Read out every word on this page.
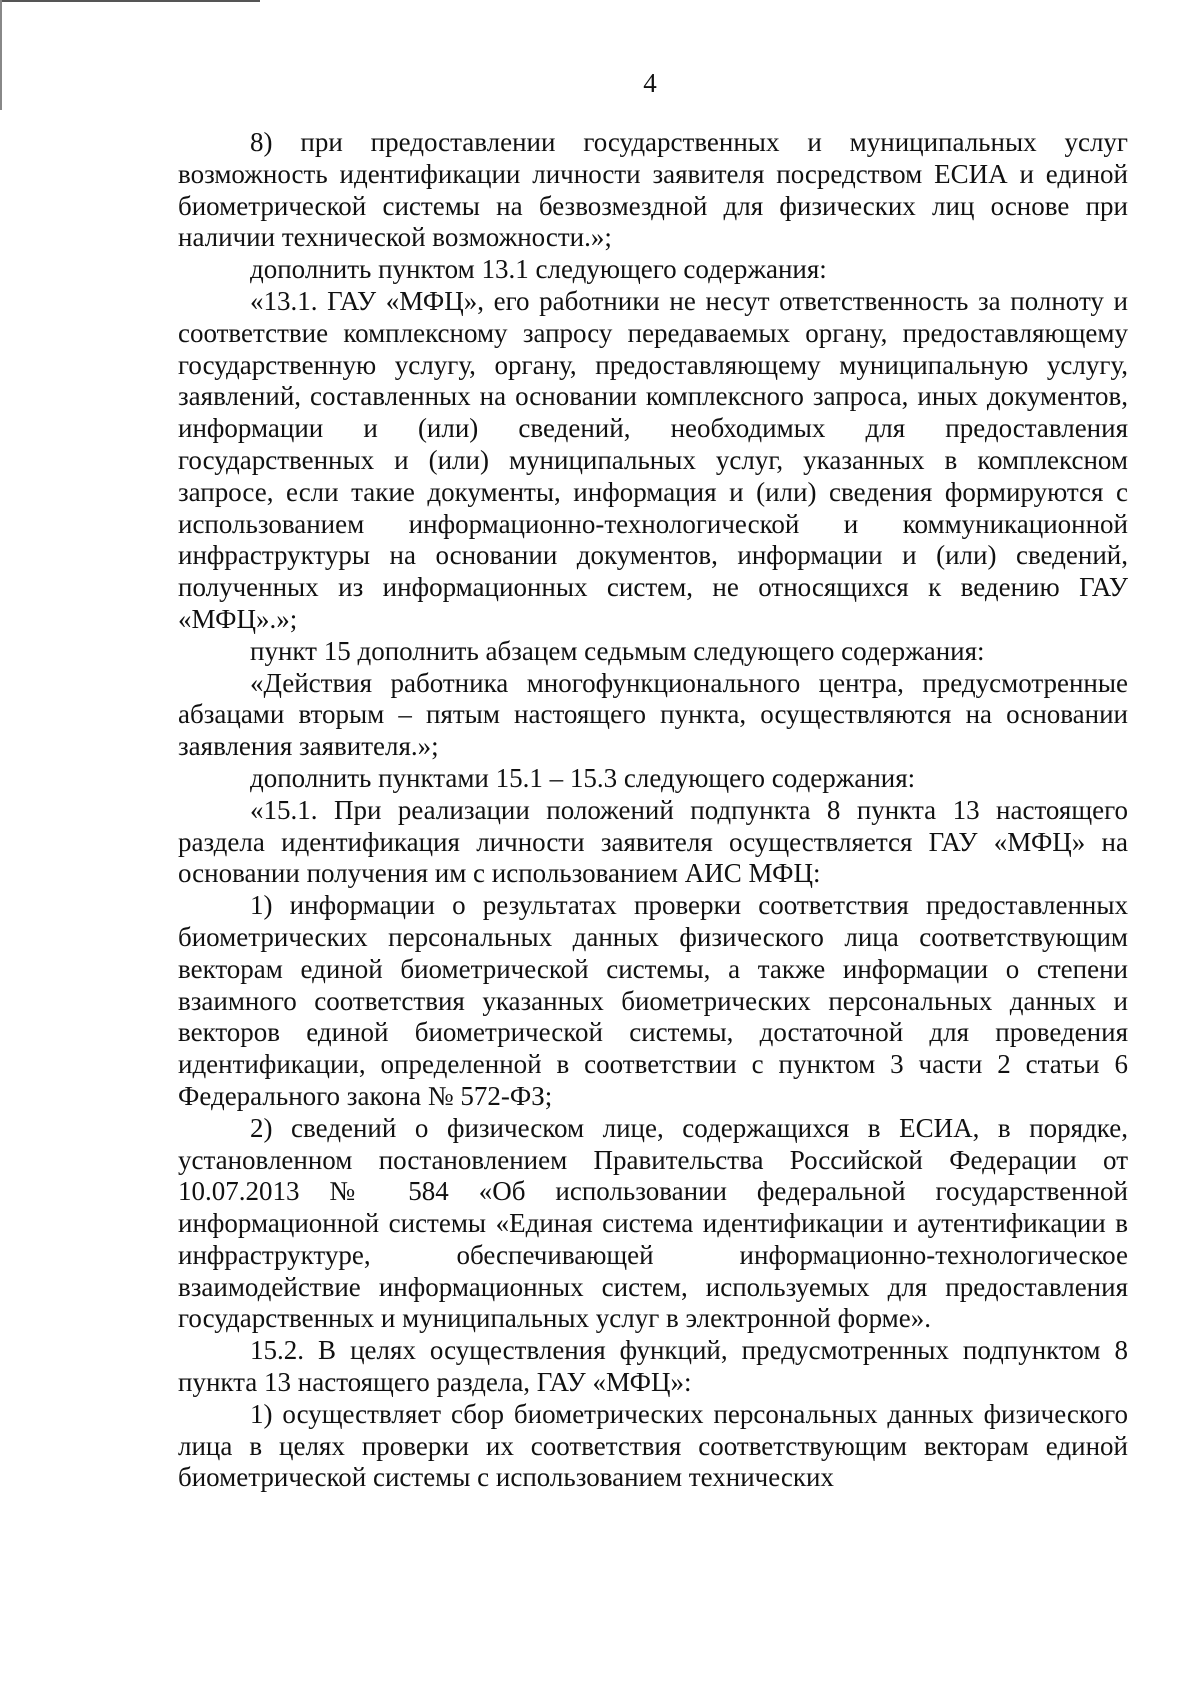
4

8) при предоставлении государственных и муниципальных услуг возможность идентификации личности заявителя посредством ЕСИА и единой биометрической системы на безвозмездной для физических лиц основе при наличии технической возможности.»;

дополнить пунктом 13.1 следующего содержания:

«13.1. ГАУ «МФЦ», его работники не несут ответственность за полноту и соответствие комплексному запросу передаваемых органу, предоставляющему государственную услугу, органу, предоставляющему муниципальную услугу, заявлений, составленных на основании комплексного запроса, иных документов, информации и (или) сведений, необходимых для предоставления государственных и (или) муниципальных услуг, указанных в комплексном запросе, если такие документы, информация и (или) сведения формируются с использованием информационно-технологической и коммуникационной инфраструктуры на основании документов, информации и (или) сведений, полученных из информационных систем, не относящихся к ведению ГАУ «МФЦ».»;

пункт 15 дополнить абзацем седьмым следующего содержания:

«Действия работника многофункционального центра, предусмотренные абзацами вторым – пятым настоящего пункта, осуществляются на основании заявления заявителя.»;

дополнить пунктами 15.1 – 15.3 следующего содержания:

«15.1. При реализации положений подпункта 8 пункта 13 настоящего раздела идентификация личности заявителя осуществляется ГАУ «МФЦ» на основании получения им с использованием АИС МФЦ:

1) информации о результатах проверки соответствия предоставленных биометрических персональных данных физического лица соответствующим векторам единой биометрической системы, а также информации о степени взаимного соответствия указанных биометрических персональных данных и векторов единой биометрической системы, достаточной для проведения идентификации, определенной в соответствии с пунктом 3 части 2 статьи 6 Федерального закона № 572-ФЗ;

2) сведений о физическом лице, содержащихся в ЕСИА, в порядке, установленном постановлением Правительства Российской Федерации от 10.07.2013 № 584 «Об использовании федеральной государственной информационной системы «Единая система идентификации и аутентификации в инфраструктуре, обеспечивающей информационно-технологическое взаимодействие информационных систем, используемых для предоставления государственных и муниципальных услуг в электронной форме».

15.2. В целях осуществления функций, предусмотренных подпунктом 8 пункта 13 настоящего раздела, ГАУ «МФЦ»:

1) осуществляет сбор биометрических персональных данных физического лица в целях проверки их соответствия соответствующим векторам единой биометрической системы с использованием технических
